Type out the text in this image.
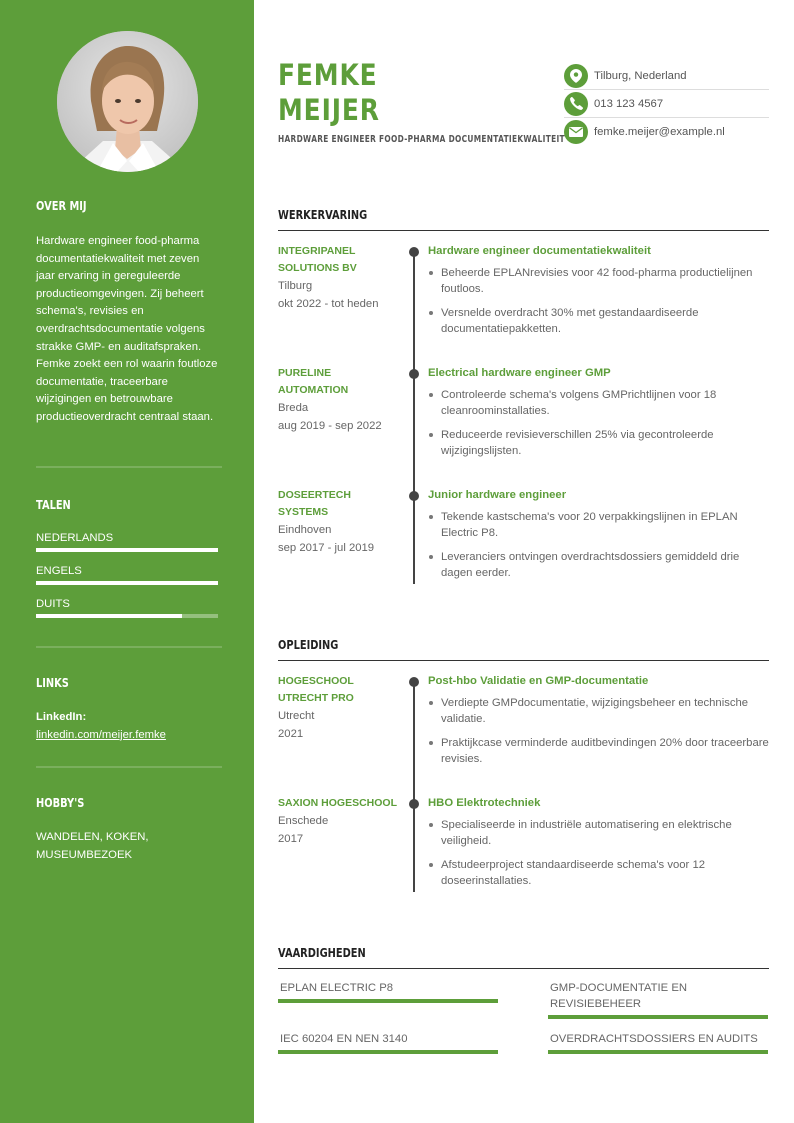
OVER MIJ

Hardware engineer food-pharma documentatiekwaliteit met zeven jaar ervaring in gereguleerde productieomgevingen. Zij beheert schema's, revisies en overdrachtsdocumentatie volgens strakke GMP- en auditafspraken. Femke zoekt een rol waarin foutloze documentatie, traceerbare wijzigingen en betrouwbare productieoverdracht centraal staan.

TALEN
NEDERLANDS
ENGELS
DUITS
LINKS
LinkedIn:
linkedin.com/meijer.femke
HOBBY'S

WANDELEN, KOKEN, MUSEUMBEZOEK

FEMKE
MEIJER
HARDWARE ENGINEER FOOD-PHARMA DOCUMENTATIEKWALITEIT
Tilburg, Nederland
013 123 4567
femke.meijer@example.nl
WERKERVARING
INTEGRIPANEL SOLUTIONS BV
Tilburg
okt 2022 - tot heden
Hardware engineer documentatiekwaliteit
Beheerde EPLANrevisies voor 42 food-pharma productielijnen foutloos.
Versnelde overdracht 30% met gestandaardiseerde documentatiepakketten.
PURELINE AUTOMATION
Breda
aug 2019 - sep 2022
Electrical hardware engineer GMP
Controleerde schema's volgens GMPrichtlijnen voor 18 cleanroominstallaties.
Reduceerde revisieverschillen 25% via gecontroleerde wijzigingslijsten.
DOSEERTECH SYSTEMS
Eindhoven
sep 2017 - jul 2019
Junior hardware engineer
Tekende kastschema's voor 20 verpakkingslijnen in EPLAN Electric P8.
Leveranciers ontvingen overdrachtsdossiers gemiddeld drie dagen eerder.
OPLEIDING
HOGESCHOOL UTRECHT PRO
Utrecht
2021
Post-hbo Validatie en GMP-documentatie
Verdiepte GMPdocumentatie, wijzigingsbeheer en technische validatie.
Praktijkcase verminderde auditbevindingen 20% door traceerbare revisies.
SAXION HOGESCHOOL
Enschede
2017
HBO Elektrotechniek
Specialiseerde in industriële automatisering en elektrische veiligheid.
Afstudeerproject standaardiseerde schema's voor 12 doseerinstallaties.
VAARDIGHEDEN
EPLAN ELECTRIC P8	GMP-DOCUMENTATIE EN REVISIEBEHEER
IEC 60204 EN NEN 3140	OVERDRACHTSDOSSIERS EN AUDITS
